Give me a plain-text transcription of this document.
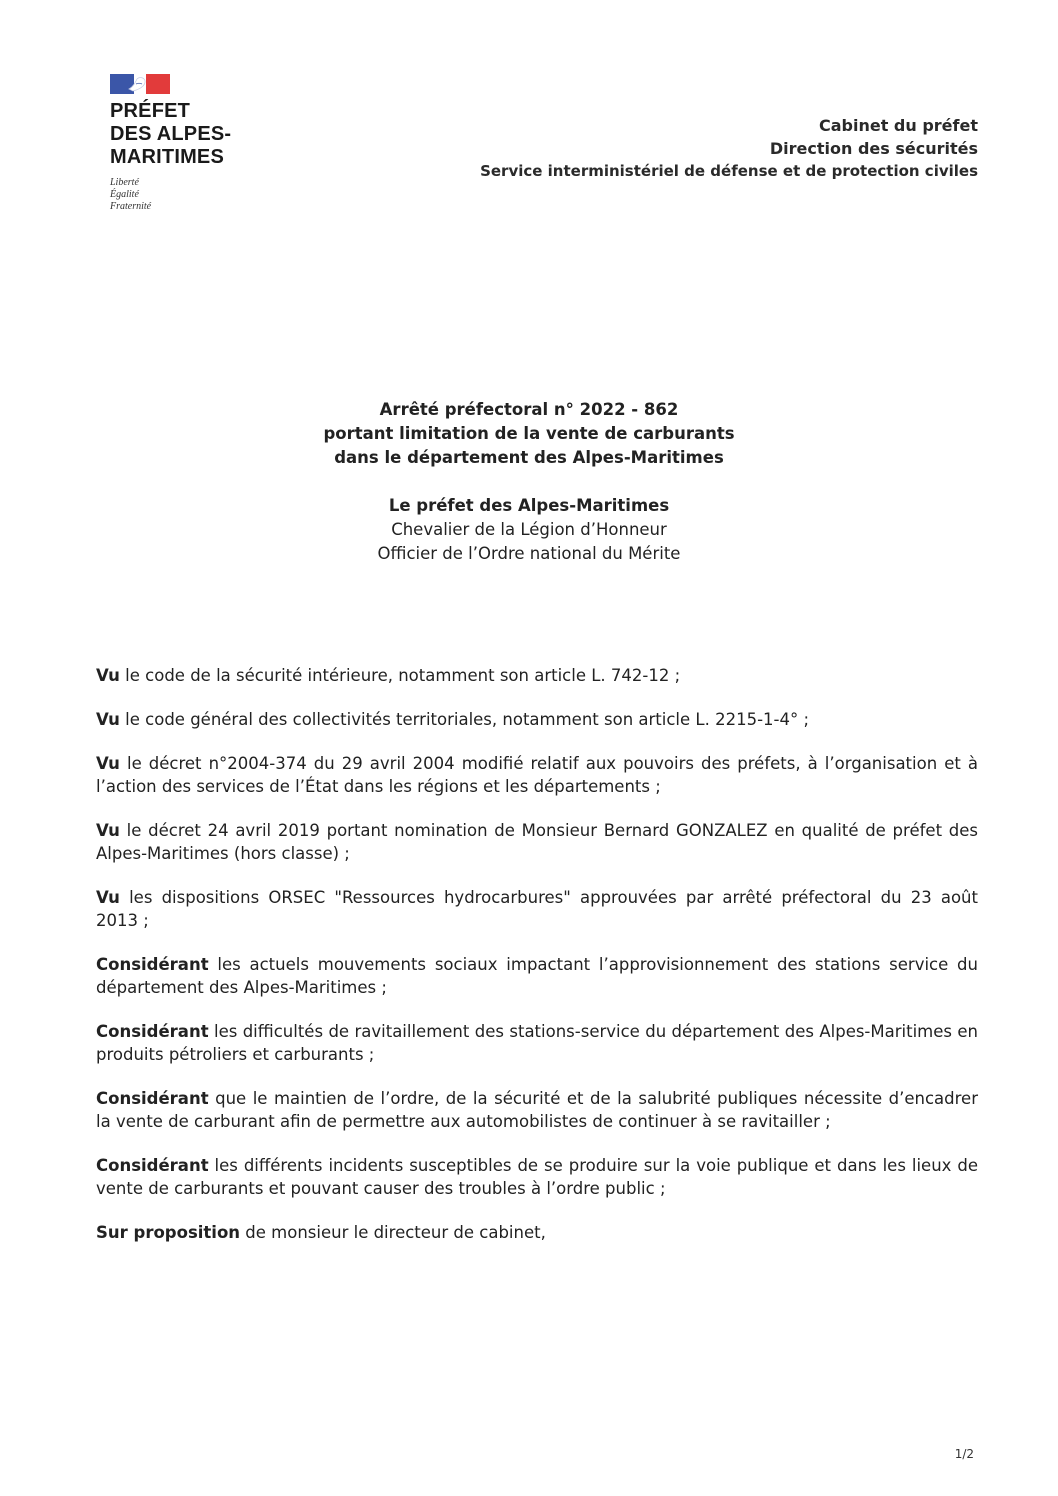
PRÉFET
DES ALPES-
MARITIMES
Liberté
Égalité
Fraternité
Cabinet du préfet
Direction des sécurités
Service interministériel de défense et de protection civiles
Arrêté préfectoral n° 2022 - 862
portant limitation de la vente de carburants
dans le département des Alpes-Maritimes
Le préfet des Alpes-Maritimes
Chevalier de la Légion d’Honneur
Officier de l’Ordre national du Mérite

Vu le code de la sécurité intérieure, notamment son article L. 742-12 ;

Vu le code général des collectivités territoriales, notamment son article L. 2215-1-4° ;

Vu le décret n°2004-374 du 29 avril 2004 modifié relatif aux pouvoirs des préfets, à l’organisation et à l’action des services de l’État dans les régions et les départements ;

Vu le décret 24 avril 2019 portant nomination de Monsieur Bernard GONZALEZ en qualité de préfet des Alpes-Maritimes (hors classe) ;

Vu les dispositions ORSEC "Ressources hydrocarbures" approuvées par arrêté préfectoral du 23 août 2013 ;

Considérant les actuels mouvements sociaux impactant l’approvisionnement des stations service du département des Alpes-Maritimes ;

Considérant les difficultés de ravitaillement des stations-service du département des Alpes-Maritimes en produits pétroliers et carburants ;

Considérant que le maintien de l’ordre, de la sécurité et de la salubrité publiques nécessite d’encadrer la vente de carburant afin de permettre aux automobilistes de continuer à se ravitailler ;

Considérant les différents incidents susceptibles de se produire sur la voie publique et dans les lieux de vente de carburants et pouvant causer des troubles à l’ordre public ;

Sur proposition de monsieur le directeur de cabinet,

1/2
